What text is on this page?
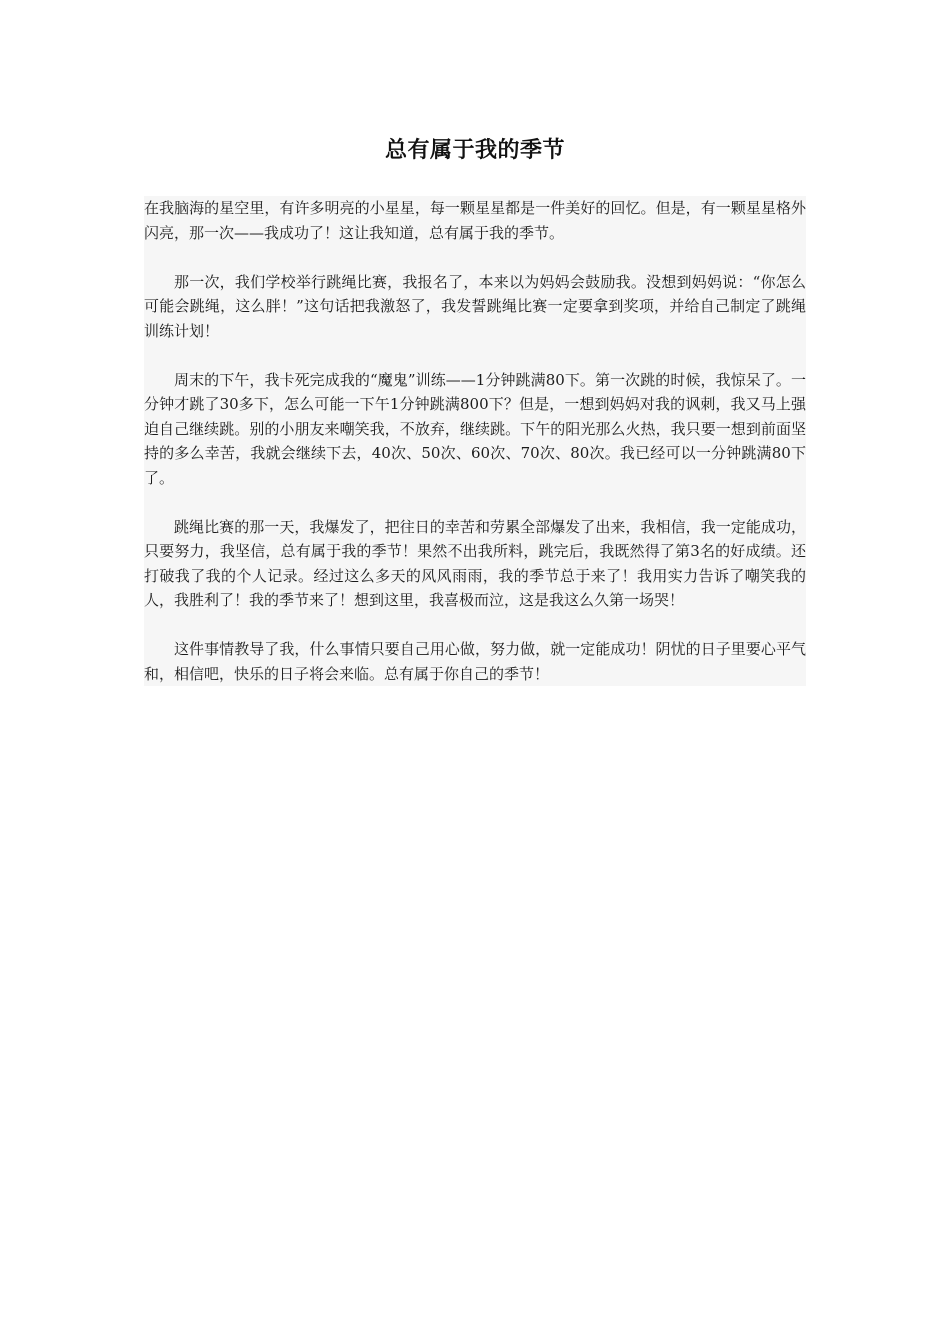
总有属于我的季节

在我脑海的星空里，有许多明亮的小星星，每一颗星星都是一件美好的回忆。但是，有一颗星星格外闪亮，那一次——我成功了！这让我知道，总有属于我的季节。

那一次，我们学校举行跳绳比赛，我报名了，本来以为妈妈会鼓励我。没想到妈妈说：“你怎么可能会跳绳，这么胖！”这句话把我激怒了，我发誓跳绳比赛一定要拿到奖项，并给自己制定了跳绳训练计划！

周末的下午，我卡死完成我的“魔鬼”训练——1分钟跳满80下。第一次跳的时候，我惊呆了。一分钟才跳了30多下，怎么可能一下午1分钟跳满800下？但是，一想到妈妈对我的讽刺，我又马上强迫自己继续跳。别的小朋友来嘲笑我，不放弃，继续跳。下午的阳光那么火热，我只要一想到前面坚持的多么幸苦，我就会继续下去，40次、50次、60次、70次、80次。我已经可以一分钟跳满80下了。

跳绳比赛的那一天，我爆发了，把往日的幸苦和劳累全部爆发了出来，我相信，我一定能成功，只要努力，我坚信，总有属于我的季节！果然不出我所料，跳完后，我既然得了第3名的好成绩。还打破我了我的个人记录。经过这么多天的风风雨雨，我的季节总于来了！我用实力告诉了嘲笑我的人，我胜利了！我的季节来了！想到这里，我喜极而泣，这是我这么久第一场哭！

这件事情教导了我，什么事情只要自己用心做，努力做，就一定能成功！阴忧的日子里要心平气和，相信吧，快乐的日子将会来临。总有属于你自己的季节！
